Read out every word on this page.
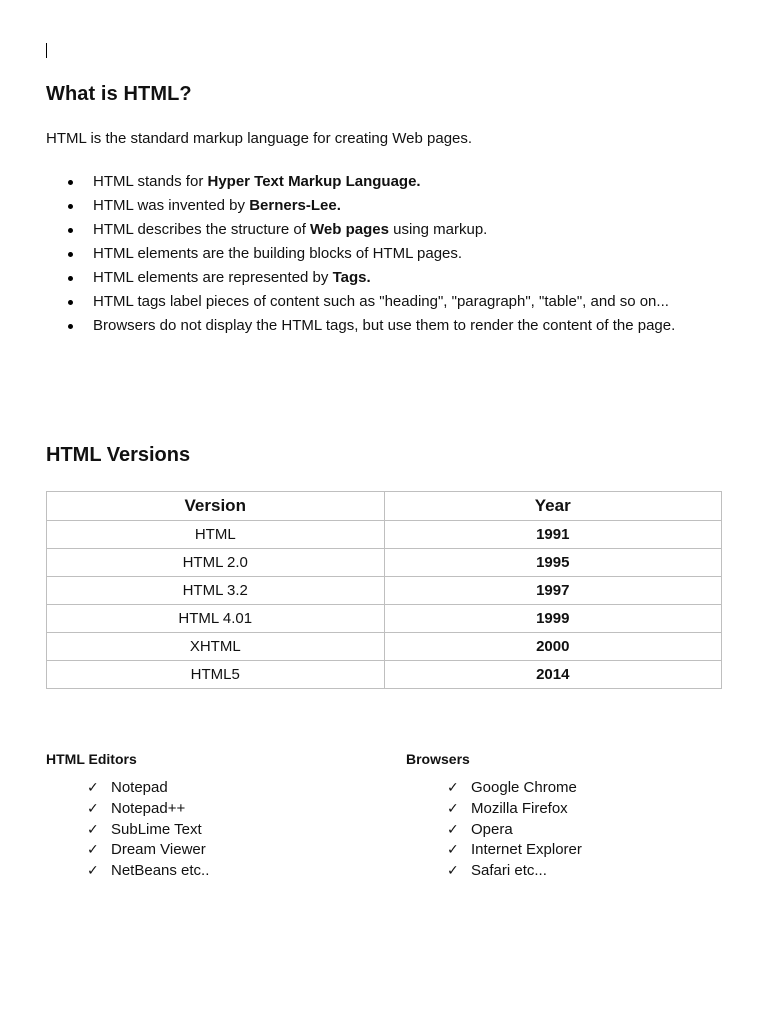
What is HTML?

HTML is the standard markup language for creating Web pages.

HTML stands for Hyper Text Markup Language.
HTML was invented by Berners-Lee.
HTML describes the structure of Web pages using markup.
HTML elements are the building blocks of HTML pages.
HTML elements are represented by Tags.
HTML tags label pieces of content such as "heading", "paragraph", "table", and so on...
Browsers do not display the HTML tags, but use them to render the content of the page.
HTML Versions
Version	Year
HTML	1991
HTML 2.0	1995
HTML 3.2	1997
HTML 4.01	1999
XHTML	2000
HTML5	2014

HTML Editors

✓ Notepad
✓ Notepad++
✓ SubLime Text
✓ Dream Viewer
✓ NetBeans etc..

Browsers

✓ Google Chrome
✓ Mozilla Firefox
✓ Opera
✓ Internet Explorer
✓ Safari etc...
